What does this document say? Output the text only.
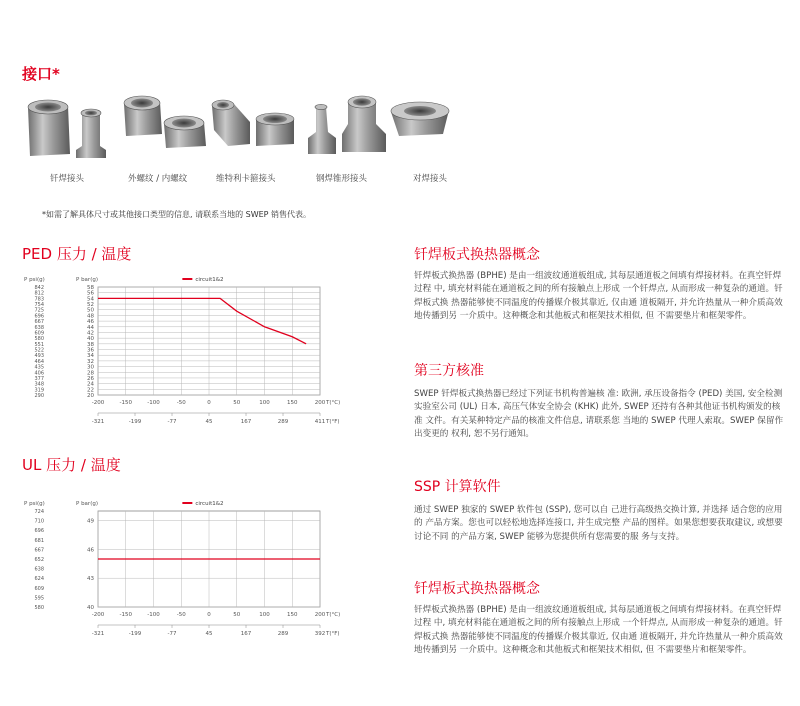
接口*
钎焊接头	外螺纹 / 内螺纹	维特利卡箍接头	钢焊锥形接头	对焊接头
*如需了解具体尺寸或其他接口类型的信息, 请联系当地的 SWEP 销售代表。
PED 压力 / 温度
-200	-150	-100	-50	0	50	100	150	200
58
56
54
52
50
48
46
44
42
40
38
36
34
32
30
28
26
24
22
20
842
812
783
754
725
696
667
638
609
580
551
522
493
464
435
406
377
348
319
290
-321	-199	-77	45	167	289	411
P psi(g)	P bar(g)
T(°C)
T(°F)
circuit1&2
UL 压力 / 温度
-200	-150	-100	-50	0	50	100	150	200
49
46
43
40
724
710
696
681
667
652
638
624
609
595
580
-321	-199	-77	45	167	289	392
P psi(g)	P bar(g)
T(°C)
T(°F)
circuit1&2
钎焊板式换热器概念

钎焊板式换热器 (BPHE) 是由一组波纹通道板组成, 其每层通道板之间填有焊接材料。在真空钎焊过程 中, 填充材料能在通道板之间的所有接触点上形成 一个钎焊点, 从而形成一种复杂的通道。钎焊板式换 热器能够使不同温度的传播媒介极其靠近, 仅由通 道板隔开, 并允许热量从一种介质高效地传播到另 一介质中。这种概念和其他板式和框架技术相似, 但 不需要垫片和框架零件。

第三方核准

SWEP 钎焊板式换热器已经过下列证书机构普遍核 准: 欧洲, 承压设备指令 (PED) 美国, 安全检测实验室公司 (UL) 日本, 高压气体安全协会 (KHK) 此外, SWEP 还持有各种其他证书机构颁发的核准 文件。有关某种特定产品的核准文件信息, 请联系您 当地的 SWEP 代理人索取。SWEP 保留作出变更的 权利, 恕不另行通知。

SSP 计算软件

通过 SWEP 独家的 SWEP 软件包 (SSP), 您可以自 己进行高级热交换计算, 并选择 适合您的应用的 产品方案。您也可以轻松地选择连接口, 并生成完整 产品的图样。如果您想要获取建议, 或想要讨论不同 的产品方案, SWEP 能够为您提供所有您需要的服 务与支持。

钎焊板式换热器概念

钎焊板式换热器 (BPHE) 是由一组波纹通道板组成, 其每层通道板之间填有焊接材料。在真空钎焊过程 中, 填充材料能在通道板之间的所有接触点上形成 一个钎焊点, 从而形成一种复杂的通道。钎焊板式换 热器能够使不同温度的传播媒介极其靠近, 仅由通 道板隔开, 并允许热量从一种介质高效地传播到另 一介质中。这种概念和其他板式和框架技术相似, 但 不需要垫片和框架零件。
